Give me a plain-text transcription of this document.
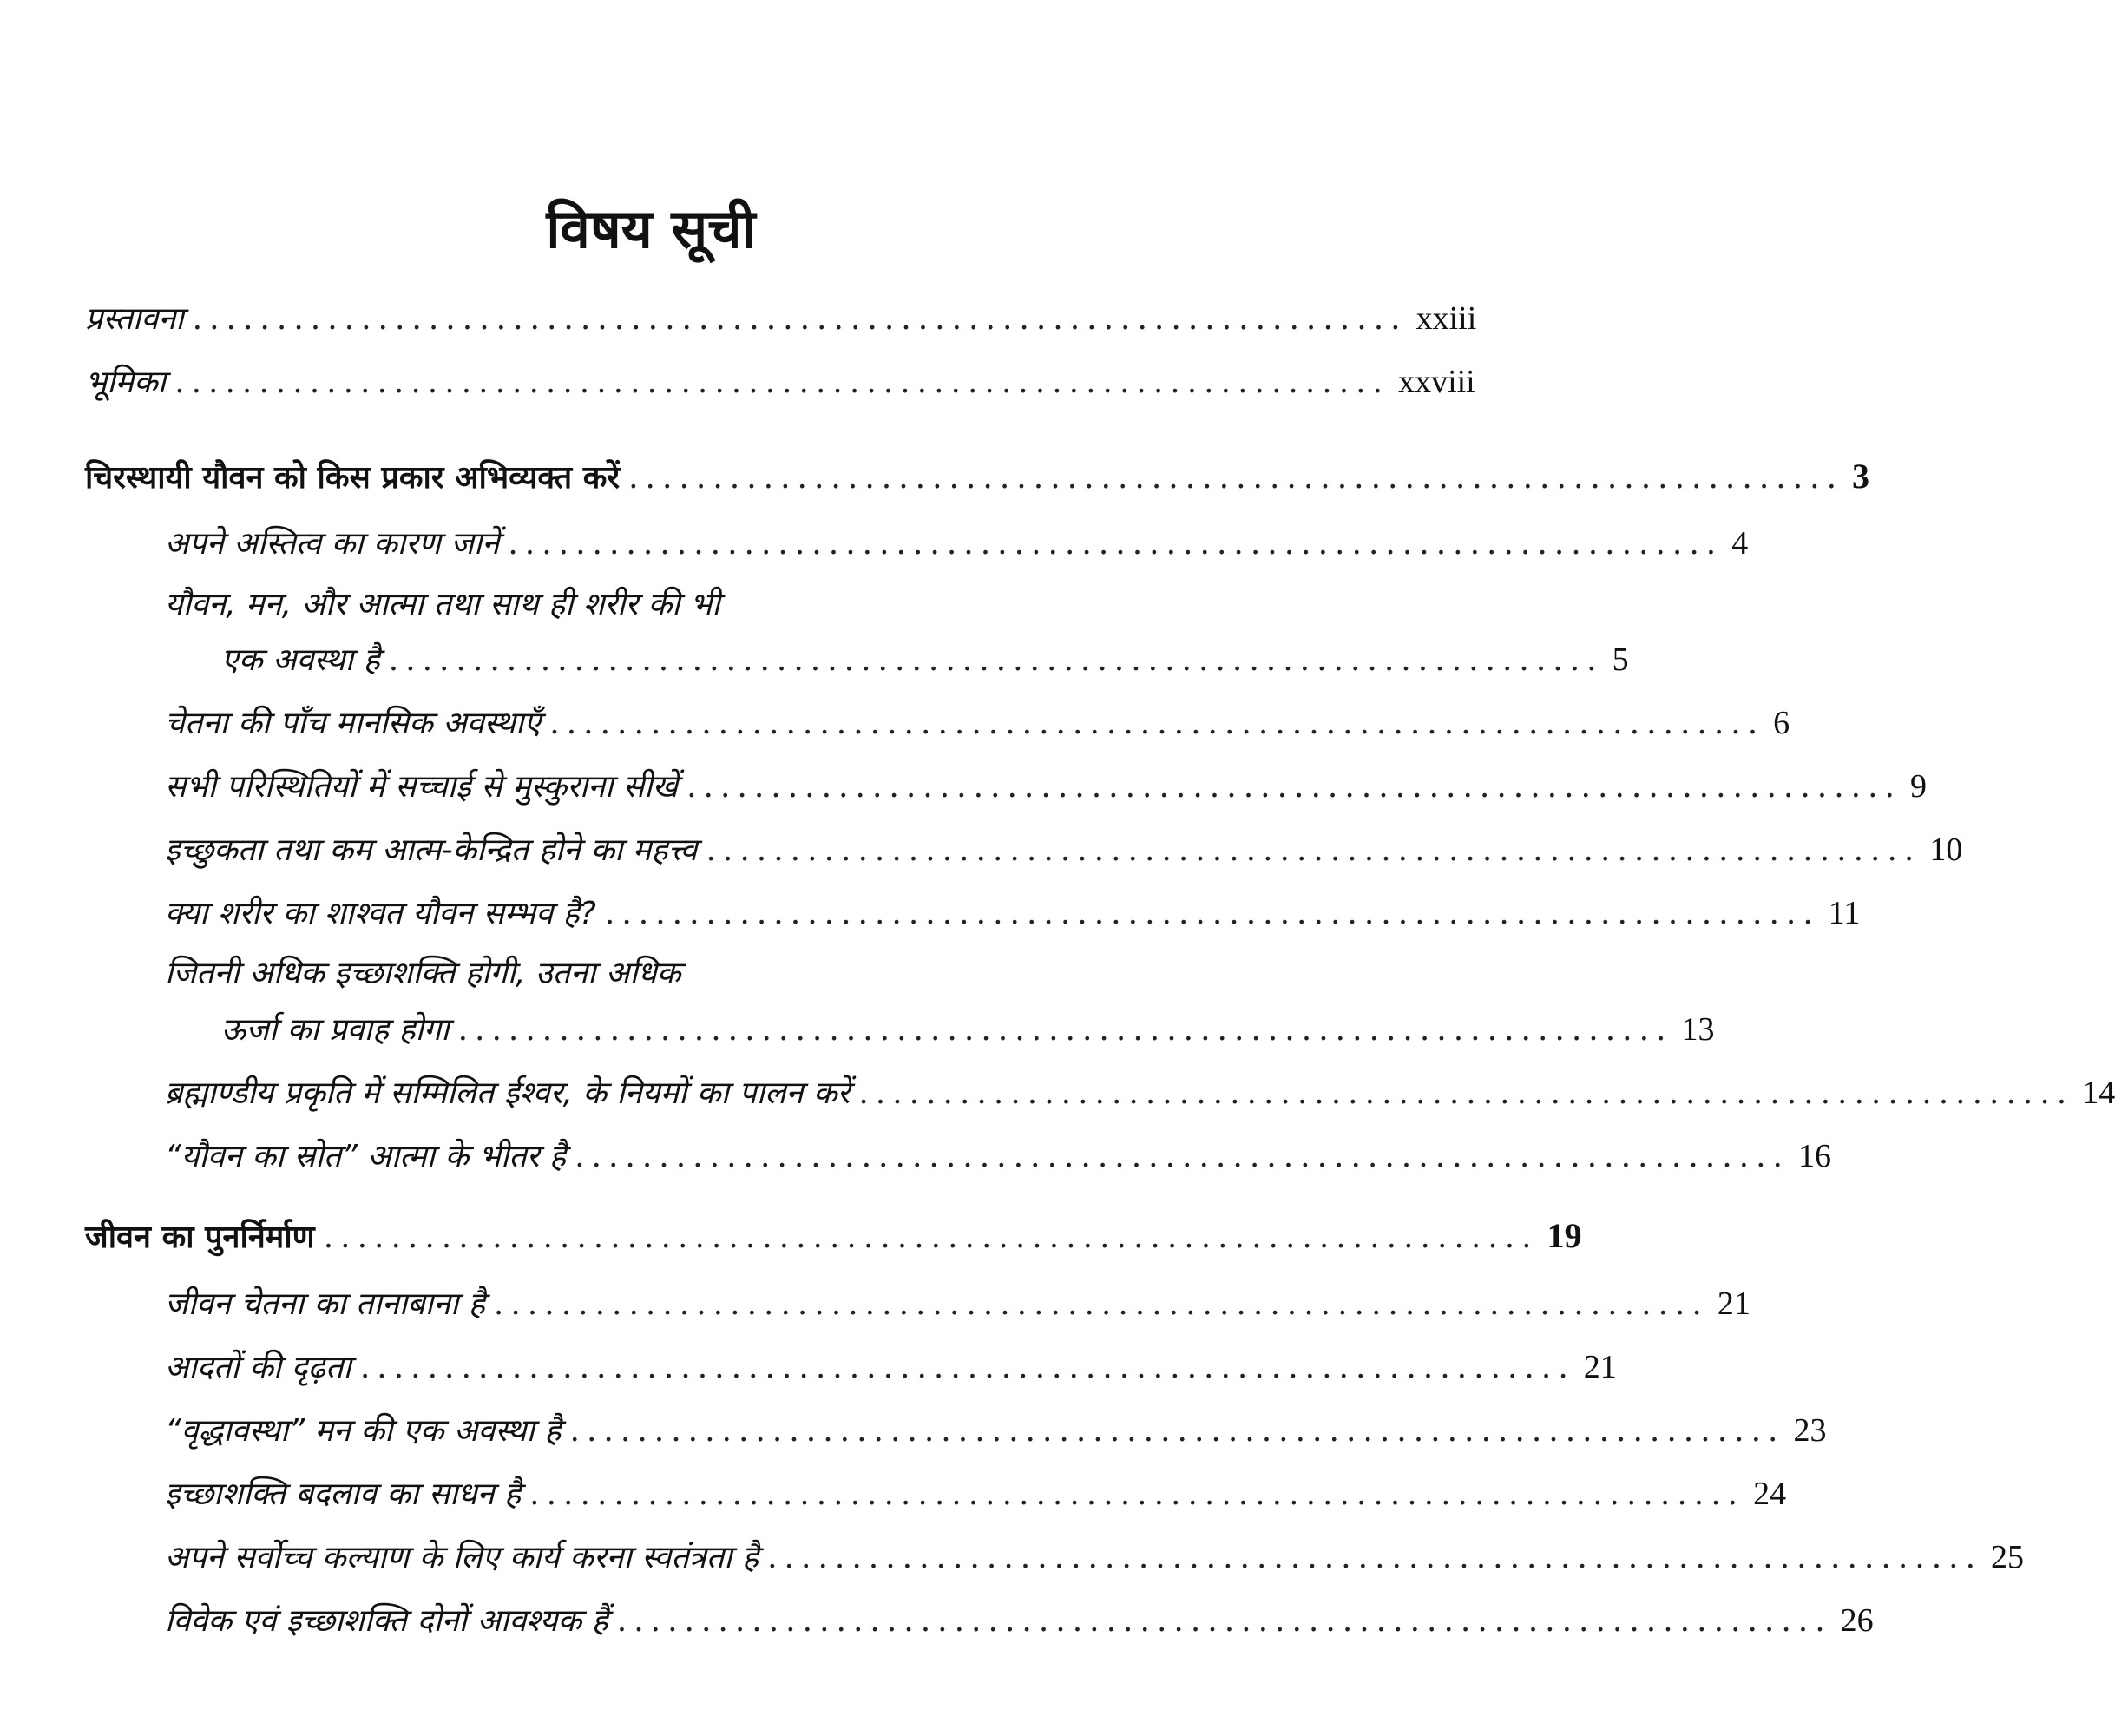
विषय सूची
प्रस्तावना ........................................................................ xxiii
भूमिका ........................................................................ xxviii
चिरस्थायी यौवन को किस प्रकार अभिव्यक्त करें ........................................................................ 3
अपने अस्तित्व का कारण जानें ........................................................................ 4
यौवन, मन, और आत्मा तथा साथ ही शरीर की भी
एक अवस्था है ........................................................................ 5
चेतना की पाँच मानसिक अवस्थाएँ ........................................................................ 6
सभी परिस्थितियों में सच्चाई से मुस्कुराना सीखें ........................................................................ 9
इच्छुकता तथा कम आत्म-केन्द्रित होने का महत्त्व ........................................................................ 10
क्या शरीर का शाश्वत यौवन सम्भव है? ........................................................................ 11
जितनी अधिक इच्छाशक्ति होगी, उतना अधिक
ऊर्जा का प्रवाह होगा ........................................................................ 13
ब्रह्माण्डीय प्रकृति में सम्मिलित ईश्वर, के नियमों का पालन करें ........................................................................ 14
“यौवन का स्रोत” आत्मा के भीतर है ........................................................................ 16
जीवन का पुनर्निर्माण ........................................................................ 19
जीवन चेतना का तानाबाना है ........................................................................ 21
आदतों की दृढ़ता ........................................................................ 21
“वृद्धावस्था” मन की एक अवस्था है ........................................................................ 23
इच्छाशक्ति बदलाव का साधन है ........................................................................ 24
अपने सर्वोच्च कल्याण के लिए कार्य करना स्वतंत्रता है ........................................................................ 25
विवेक एवं इच्छाशक्ति दोनों आवश्यक हैं ........................................................................ 26
